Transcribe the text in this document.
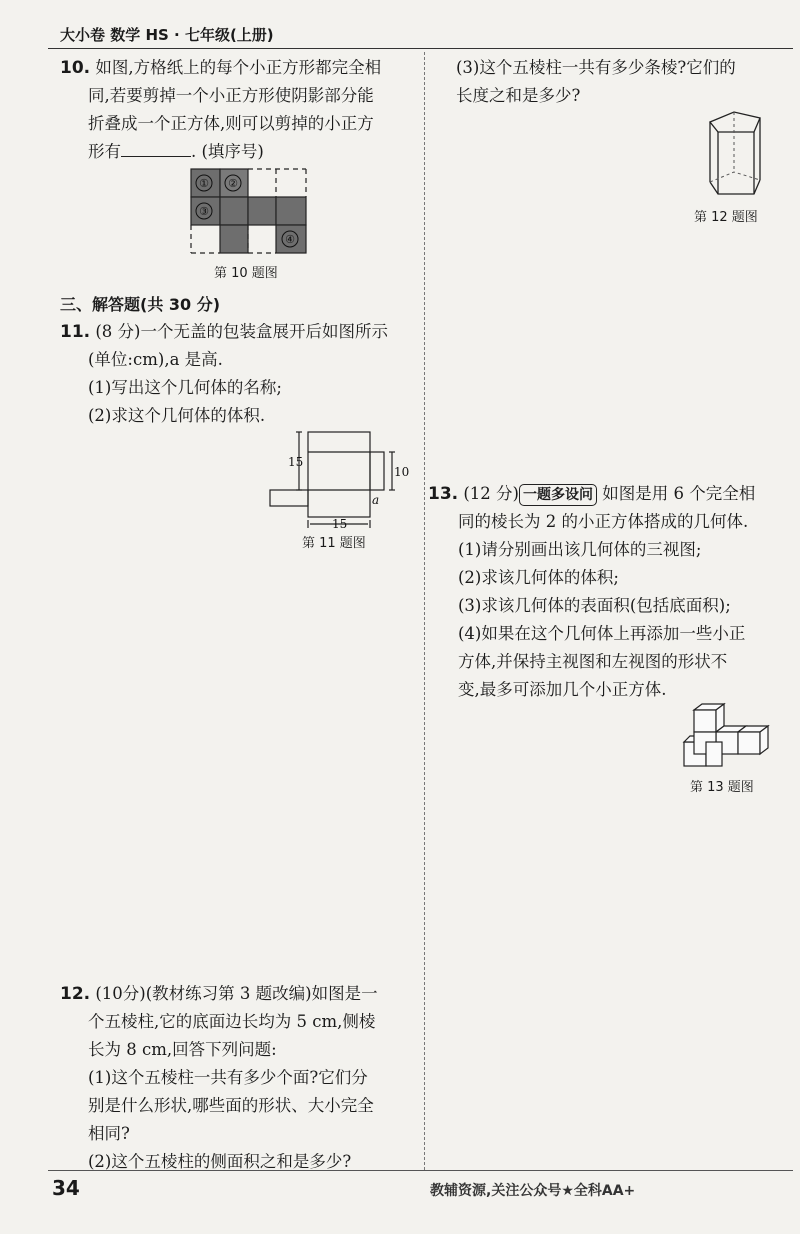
大小卷 数学 HS · 七年级(上册)
10. 如图,方格纸上的每个小正方形都完全相
同,若要剪掉一个小正方形使阴影部分能
折叠成一个正方体,则可以剪掉的小正方
形有	. (填序号)
① ②
③
④
第 10 题图
三、解答题(共 30 分)
11. (8 分)一个无盖的包装盒展开后如图所示
(单位:cm),a 是高.
(1)写出这个几何体的名称;
(2)求这个几何体的体积.
15
10
a
15
第 11 题图
12. (10分)(教材练习第 3 题改编)如图是一
个五棱柱,它的底面边长均为 5 cm,侧棱
长为 8 cm,回答下列问题:
(1)这个五棱柱一共有多少个面?它们分
别是什么形状,哪些面的形状、大小完全
相同?
(2)这个五棱柱的侧面积之和是多少?
(3)这个五棱柱一共有多少条棱?它们的
长度之和是多少?
第 12 题图
13. (12 分) 一题多设问 如图是用 6 个完全相
同的棱长为 2 的小正方体搭成的几何体.
(1)请分别画出该几何体的三视图;
(2)求该几何体的体积;
(3)求该几何体的表面积(包括底面积);
(4)如果在这个几何体上再添加一些小正
方体,并保持主视图和左视图的形状不
变,最多可添加几个小正方体.
第 13 题图
34	教辅资源,关注公众号★全科AA+
